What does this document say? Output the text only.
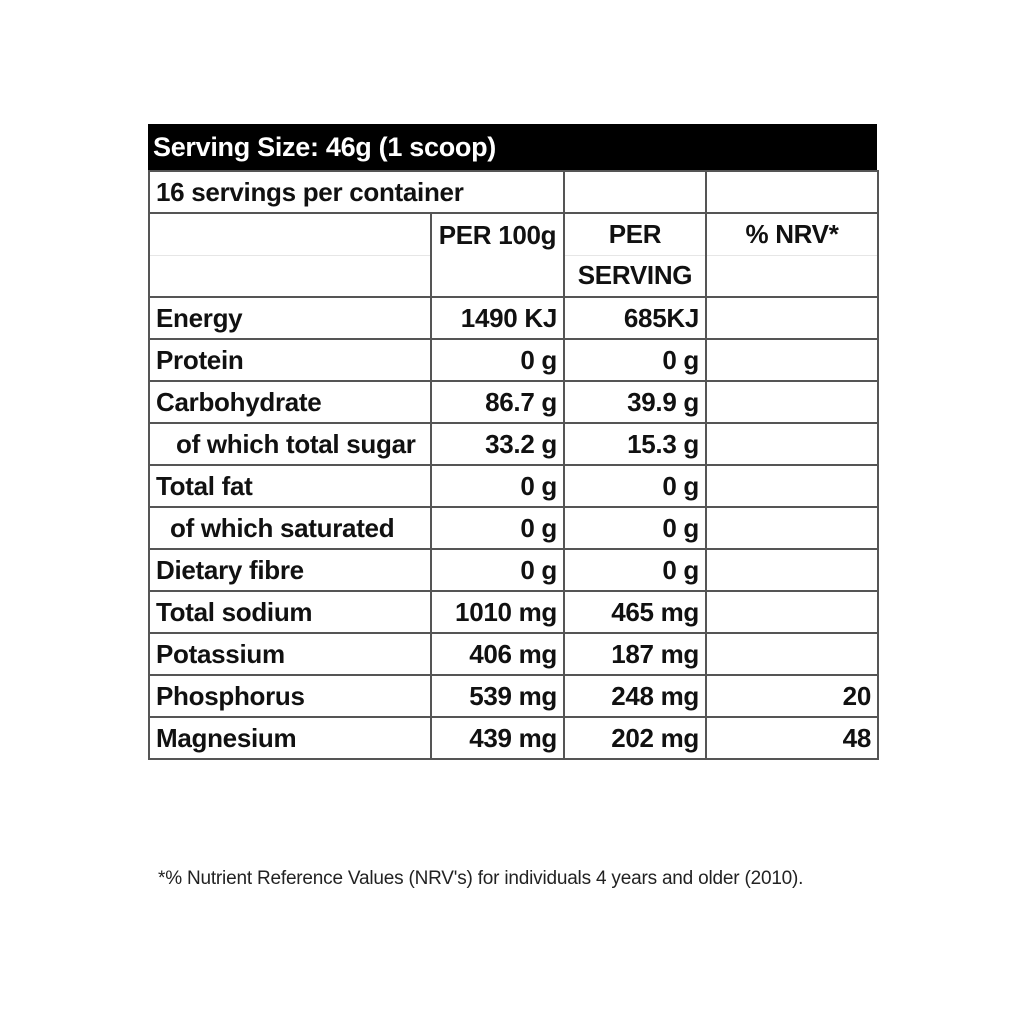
Serving Size: 46g (1 scoop)
16 servings per container			
	PER 100g	PER	% NRV*
		SERVING	
Energy	1490 KJ	685KJ	
Protein	0 g	0 g	
Carbohydrate	86.7 g	39.9 g	
of which total sugar	33.2 g	15.3 g	
Total fat	0 g	0 g	
of which saturated	0 g	0 g	
Dietary fibre	0 g	0 g	
Total sodium	1010 mg	465 mg	
Potassium	406 mg	187 mg	
Phosphorus	539 mg	248 mg	20
Magnesium	439 mg	202 mg	48
*% Nutrient Reference Values (NRV's) for individuals 4 years and older (2010).
